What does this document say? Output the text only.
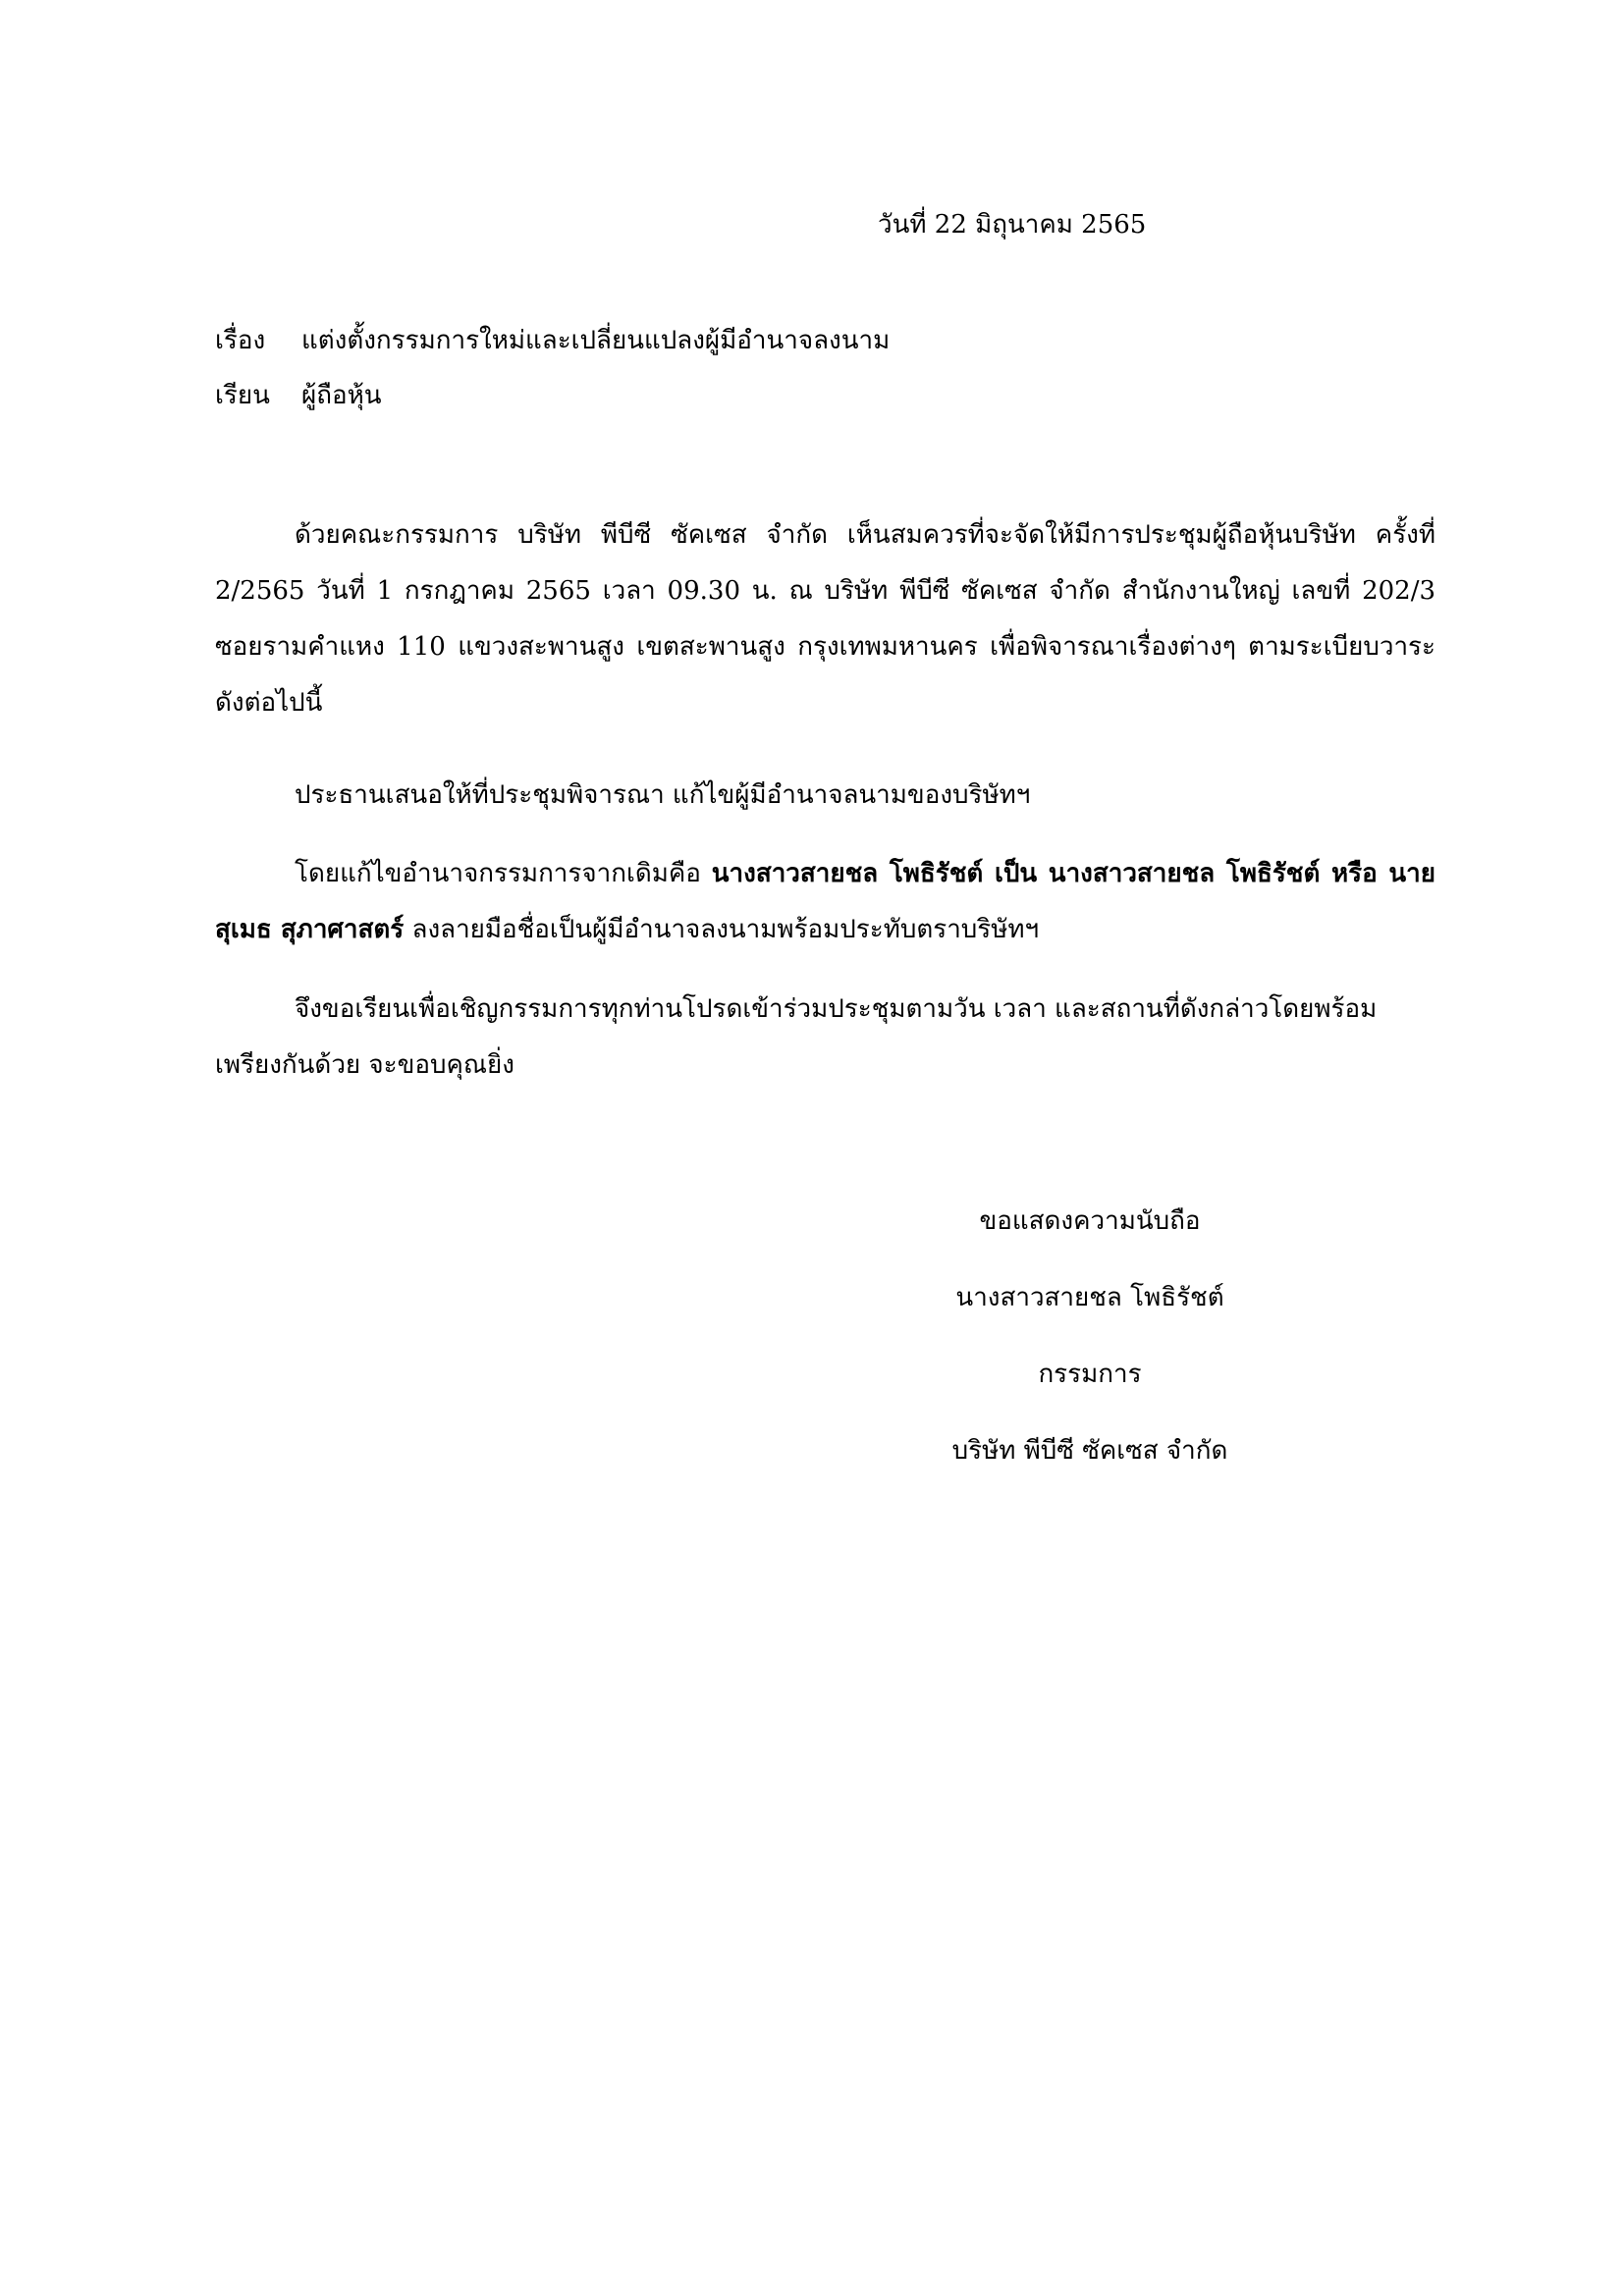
วันที่ 22 มิถุนาคม 2565
เรื่อง แต่งตั้งกรรมการใหม่และเปลี่ยนแปลงผู้มีอำนาจลงนาม
เรียน ผู้ถือหุ้น
ด้วยคณะกรรมการ บริษัท พีบีซี ซัคเซส จำกัด เห็นสมควรที่จะจัดให้มีการประชุมผู้ถือหุ้นบริษัท ครั้งที่ 2/2565 วันที่ 1 กรกฎาคม 2565 เวลา 09.30 น. ณ บริษัท พีบีซี ซัคเซส จำกัด สำนักงานใหญ่ เลขที่ 202/3 ซอยรามคำแหง 110 แขวงสะพานสูง เขตสะพานสูง กรุงเทพมหานคร เพื่อพิจารณาเรื่องต่างๆ ตามระเบียบวาระดังต่อไปนี้
ประธานเสนอให้ที่ประชุมพิจารณา แก้ไขผู้มีอำนาจลนามของบริษัทฯ
โดยแก้ไขอำนาจกรรมการจากเดิมคือ นางสาวสายชล โพธิรัชต์ เป็น นางสาวสายชล โพธิรัชต์ หรือ นายสุเมธ สุภาศาสตร์ ลงลายมือชื่อเป็นผู้มีอำนาจลงนามพร้อมประทับตราบริษัทฯ
จึงขอเรียนเพื่อเชิญกรรมการทุกท่านโปรดเข้าร่วมประชุมตามวัน เวลา และสถานที่ดังกล่าวโดยพร้อมเพรียงกันด้วย จะขอบคุณยิ่ง
ขอแสดงความนับถือ
นางสาวสายชล โพธิรัชต์
กรรมการ
บริษัท พีบีซี ซัคเซส จำกัด
